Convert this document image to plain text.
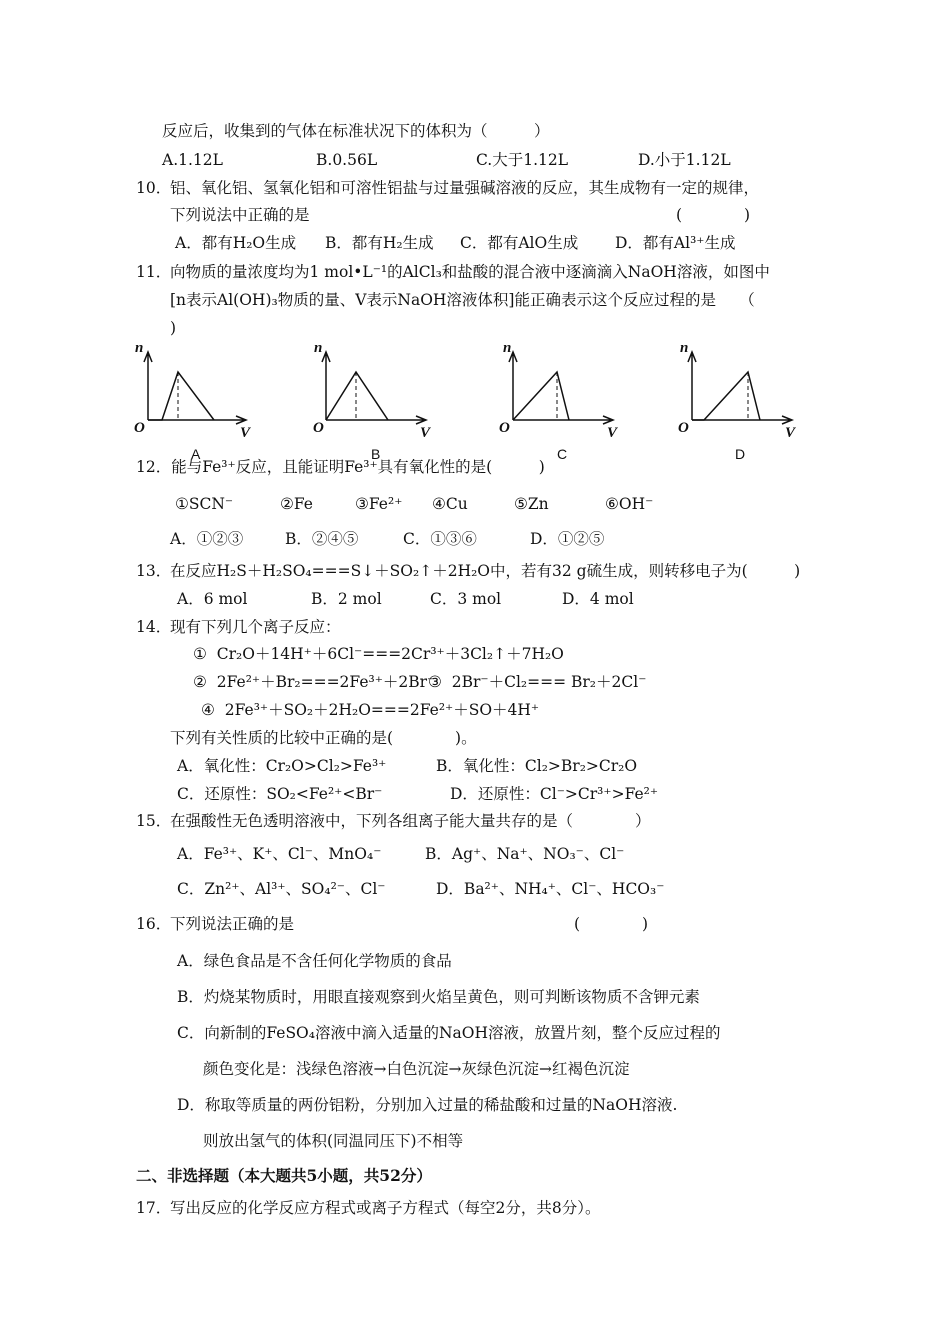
反应后，收集到的气体在标准状况下的体积为（　　　）
A.1.12L	B.0.56L	C.大于1.12L	D.小于1.12L
10．
铝、氧化铝、氢氧化铝和可溶性铝盐与过量强碱溶液的反应，其生成物有一定的规律，
下列说法中正确的是	(　　　　)
A．都有H₂O生成 B．都有H₂生成 C．都有AlO生成 D．都有Al³⁺生成
11．
向物质的量浓度均为1 mol•L⁻¹的AlCl₃和盐酸的混合液中逐滴滴入NaOH溶液，如图中
[n表示Al(OH)₃物质的量、V表示NaOH溶液体积]能正确表示这个反应过程的是　　（
)
n
O	V
A
n
O	V
B
n
O	V
C
n
O	V
D
12．能与Fe³⁺反应，且能证明Fe³⁺具有氧化性的是(　　　)
①SCN⁻	②Fe	③Fe²⁺ ④Cu	⑤Zn	⑥OH⁻
A．①②③	B．②④⑤	C．①③⑥	D．①②⑤
13．
在反应H₂S＋H₂SO₄===S↓＋SO₂↑＋2H₂O中，若有32 g硫生成，则转移电子为(　　　)
A．6 mol	B．2 mol	C．3 mol	D．4 mol
14．
现有下列几个离子反应：
①  Cr₂O＋14H⁺＋6Cl⁻===2Cr³⁺＋3Cl₂↑＋7H₂O
②  2Fe²⁺＋Br₂===2Fe³⁺＋2Br⁻
③  2Br⁻＋Cl₂=== Br₂＋2Cl⁻
④  2Fe³⁺＋SO₂＋2H₂O===2Fe²⁺＋SO＋4H⁺
下列有关性质的比较中正确的是(　　　　)。
A．氧化性：Cr₂O>Cl₂>Fe³⁺	B．氧化性：Cl₂>Br₂>Cr₂O
C．还原性：SO₂<Fe²⁺<Br⁻	D．还原性：Cl⁻>Cr³⁺>Fe²⁺
15．
在强酸性无色透明溶液中，下列各组离子能大量共存的是（　　　　）
A．Fe³⁺、K⁺、Cl⁻、MnO₄⁻	B．Ag⁺、Na⁺、NO₃⁻、Cl⁻
C．Zn²⁺、Al³⁺、SO₄²⁻、Cl⁻	D．Ba²⁺、NH₄⁺、Cl⁻、HCO₃⁻
16．
下列说法正确的是	(　　　　)
A．绿色食品是不含任何化学物质的食品
B．灼烧某物质时，用眼直接观察到火焰呈黄色，则可判断该物质不含钾元素
C．向新制的FeSO₄溶液中滴入适量的NaOH溶液，放置片刻，整个反应过程的
颜色变化是：浅绿色溶液→白色沉淀→灰绿色沉淀→红褐色沉淀
D．称取等质量的两份铝粉，分别加入过量的稀盐酸和过量的NaOH溶液.
则放出氢气的体积(同温同压下)不相等
二、非选择题（本大题共5小题，共52分）
17．
写出反应的化学反应方程式或离子方程式（每空2分，共8分）。
